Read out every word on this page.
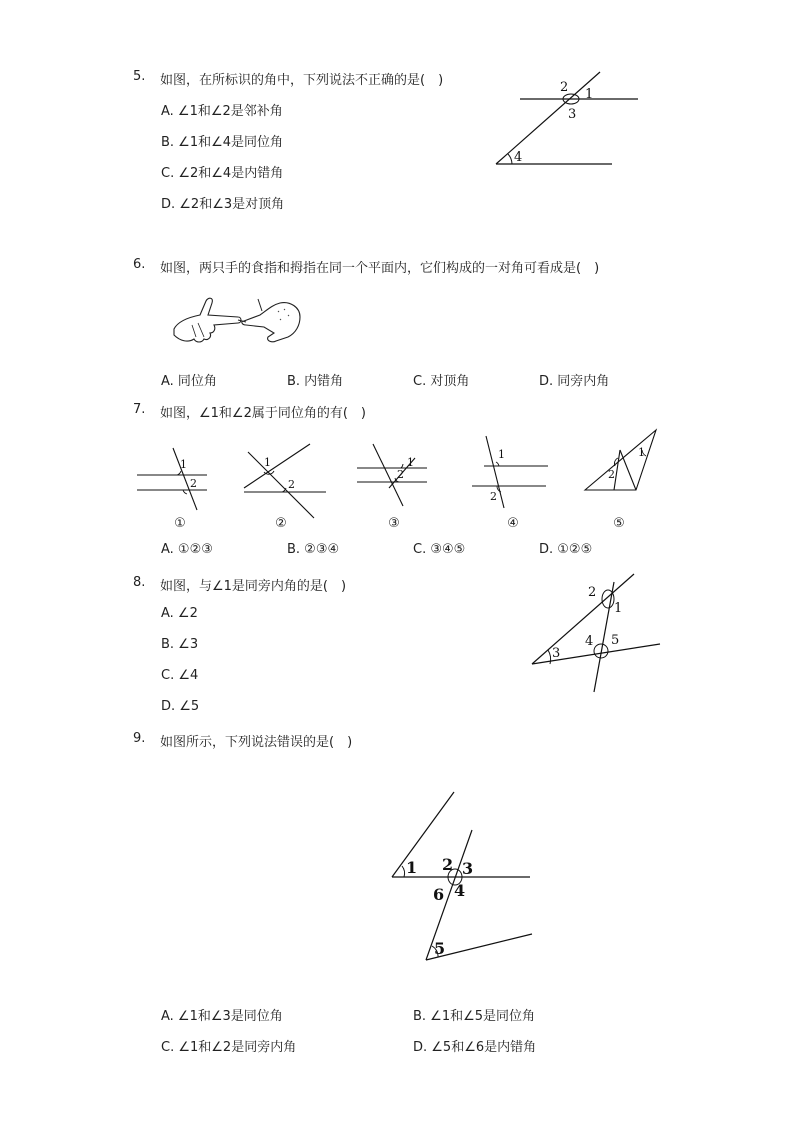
5. 如图，在所标识的角中，下列说法不正确的是(　)
A. ∠1和∠2是邻补角
B. ∠1和∠4是同位角
C. ∠2和∠4是内错角
D. ∠2和∠3是对顶角
2 1
3
4
6. 如图，两只手的食指和拇指在同一个平面内，它们构成的一对角可看成是(　)
A. 同位角	B. 内错角	C. 对顶角	D. 同旁内角
7. 如图，∠1和∠2属于同位角的有(　)
1
2
1
2
1
2
1
2
2
1
①	②	③	④	⑤
A. ①②③	B. ②③④	C. ③④⑤	D. ①②⑤
8. 如图，与∠1是同旁内角的是(　)
A. ∠2
B. ∠3
C. ∠4
D. ∠5
2
1
4 5
3
9. 如图所示，下列说法错误的是(　)
1 2 3
6 4
5
A. ∠1和∠3是同位角	B. ∠1和∠5是同位角
C. ∠1和∠2是同旁内角	D. ∠5和∠6是内错角
